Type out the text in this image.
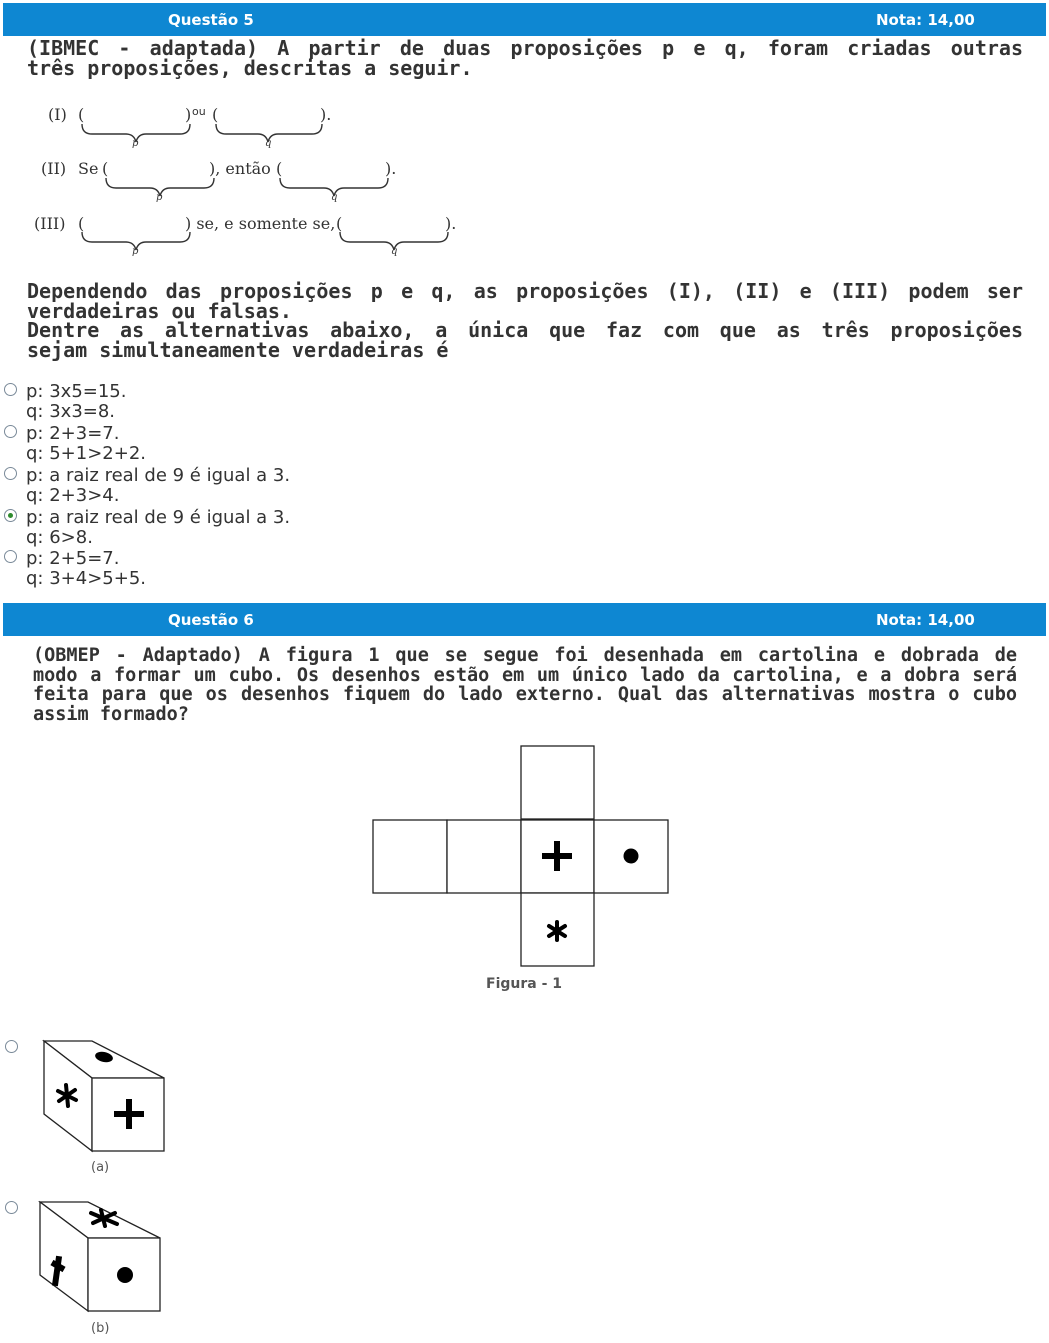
Questão 5	Nota: 14,00
(IBMEC - adaptada) A partir de duas proposições p e q, foram criadas outras
três proposições, descritas a seguir.
(I) (	) ou (	).
p	q
(II) Se (	), então (	).
p	q
(III) (	) se, e somente se, (	).
p	q
Dependendo das proposições p e q, as proposições (I), (II) e (III) podem ser
verdadeiras ou falsas.
Dentre as alternativas abaixo, a única que faz com que as três proposições
sejam simultaneamente verdadeiras é
p: 3x5=15.
q: 3x3=8.
p: 2+3=7.
q: 5+1>2+2.
p: a raiz real de 9 é igual a 3.
q: 2+3>4.
p: a raiz real de 9 é igual a 3.
q: 6>8.
p: 2+5=7.
q: 3+4>5+5.
Questão 6	Nota: 14,00
(OBMEP - Adaptado) A figura 1 que se segue foi desenhada em cartolina e dobrada de
modo a formar um cubo. Os desenhos estão em um único lado da cartolina, e a dobra será
feita para que os desenhos fiquem do lado externo. Qual das alternativas mostra o cubo
assim formado?
Figura - 1
(a)
(b)
